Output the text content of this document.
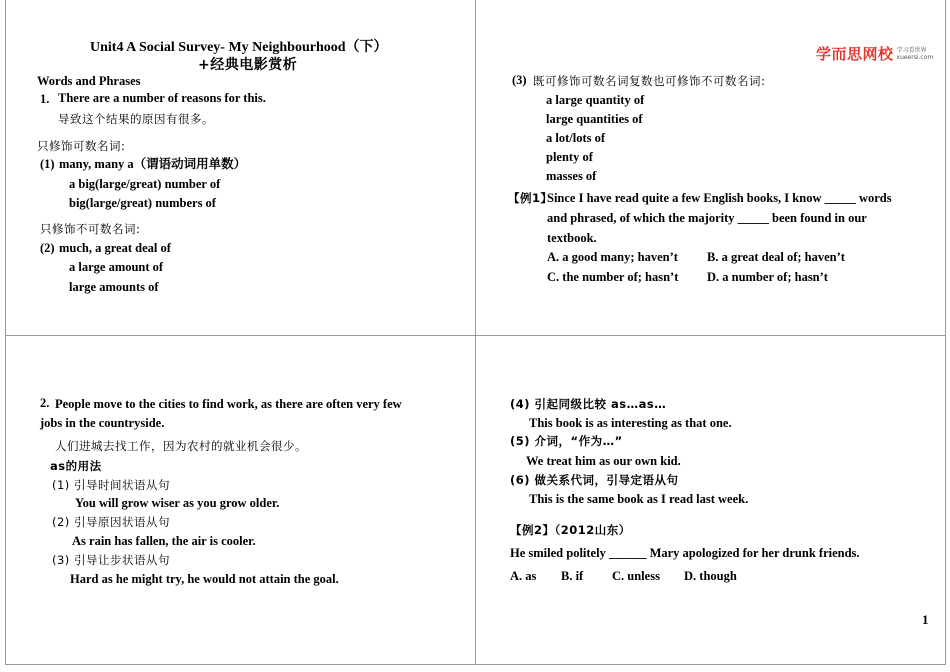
学而思网校 学习看世界
xueersi.com
Unit4 A Social Survey- My Neighbourhood（下）
+经典电影赏析
Words and Phrases
1. There are a number of reasons for this.
导致这个结果的原因有很多。
只修饰可数名词:
(1) many, many a（谓语动词用单数）
a big(large/great) number of
big(large/great) numbers of
只修饰不可数名词:
(2) much, a great deal of
a large amount of
large amounts of
(3) 既可修饰可数名词复数也可修饰不可数名词:
a large quantity of
large quantities of
a lot/lots of
plenty of
masses of
【例1】
Since I have read quite a few English books, I know _____ words
and phrased, of which the majority _____ been found in our
textbook.
A. a good many; haven’t B. a great deal of; haven’t
C. the number of; hasn’t D. a number of; hasn’t
2. People move to the cities to find work, as there are often very few
jobs in the countryside.
人们进城去找工作，因为农村的就业机会很少。
as的用法
(1) 引导时间状语从句
You will grow wiser as you grow older.
(2) 引导原因状语从句
As rain has fallen, the air is cooler.
(3) 引导让步状语从句
Hard as he might try, he would not attain the goal.
(4) 引起同级比较 as…as…
This book is as interesting as that one.
(5) 介词，“作为…”
We treat him as our own kid.
(6) 做关系代词，引导定语从句
This is the same book as I read last week.
【例2】（2012山东）
He smiled politely ______ Mary apologized for her drunk friends.
A. as B. if C. unless D. though
1
